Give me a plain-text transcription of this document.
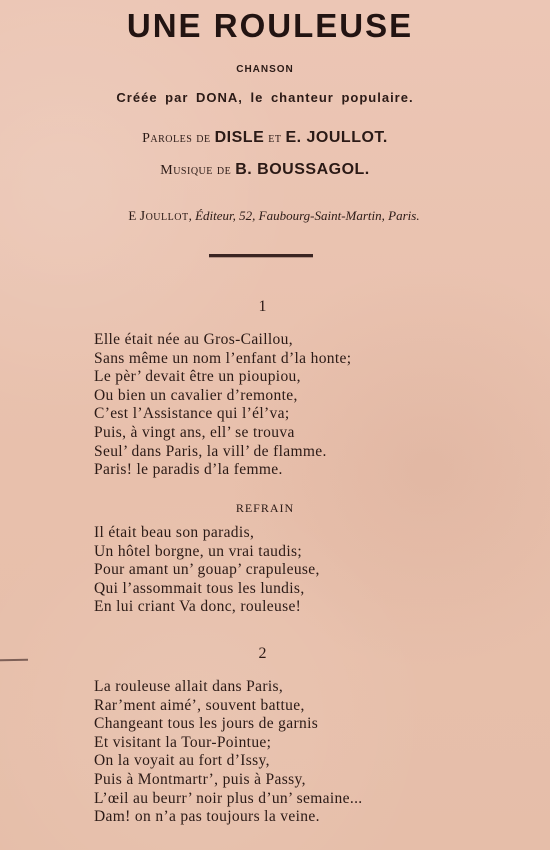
UNE ROULEUSE
CHANSON
Créée par DONA, le chanteur populaire.
Paroles de DISLE et E. JOULLOT.
Musique de B. BOUSSAGOL.
E Joullot, Éditeur, 52, Faubourg-Saint-Martin, Paris.
1
Elle était née au Gros-Caillou,
Sans même un nom l’enfant d’la honte;
Le pèr’ devait être un pioupiou,
Ou bien un cavalier d’remonte,
C’est l’Assistance qui l’él’va;
Puis, à vingt ans, ell’ se trouva
Seul’ dans Paris, la vill’ de flamme.
Paris! le paradis d’la femme.
REFRAIN
Il était beau son paradis,
Un hôtel borgne, un vrai taudis;
Pour amant un’ gouap’ crapuleuse,
Qui l’assommait tous les lundis,
En lui criant Va donc, rouleuse!
2
La rouleuse allait dans Paris,
Rar’ment aimé’, souvent battue,
Changeant tous les jours de garnis
Et visitant la Tour-Pointue;
On la voyait au fort d’Issy,
Puis à Montmartr’, puis à Passy,
L’œil au beurr’ noir plus d’un’ semaine...
Dam! on n’a pas toujours la veine.
